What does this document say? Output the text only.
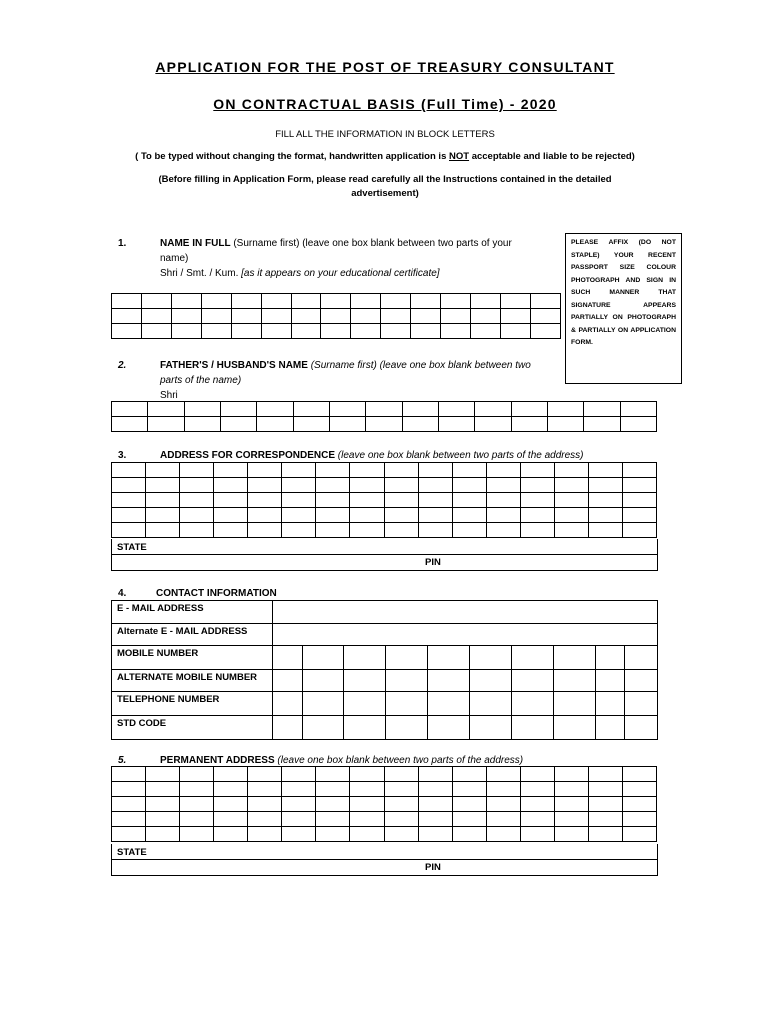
APPLICATION FOR THE POST OF TREASURY CONSULTANT
ON CONTRACTUAL BASIS (Full Time) - 2020
FILL ALL THE INFORMATION IN BLOCK LETTERS
( To be typed without changing the format, handwritten application is NOT acceptable and liable to be rejected)
(Before filling in Application Form, please read carefully all the Instructions contained in the detailed
advertisement)
1.	NAME IN FULL (Surname first) (leave one box blank between two parts of your
name)
Shri / Smt. / Kum. [as it appears on your educational certificate]
PLEASE AFFIX (DO NOT STAPLE) YOUR RECENT PASSPORT SIZE COLOUR PHOTOGRAPH AND SIGN IN SUCH MANNER THAT SIGNATURE APPEARS PARTIALLY ON PHOTOGRAPH & PARTIALLY ON APPLICATION FORM.

2.	FATHER'S / HUSBAND'S NAME (Surname first) (leave one box blank between two
parts of the name)
Shri

3.	ADDRESS FOR CORRESPONDENCE (leave one box blank between two parts of the address)

STATE
PIN
4.	CONTACT INFORMATION
E - MAIL ADDRESS
Alternate E - MAIL ADDRESS
MOBILE NUMBER
ALTERNATE MOBILE NUMBER
TELEPHONE NUMBER
STD CODE
5.	PERMANENT ADDRESS (leave one box blank between two parts of the address)

STATE
PIN
